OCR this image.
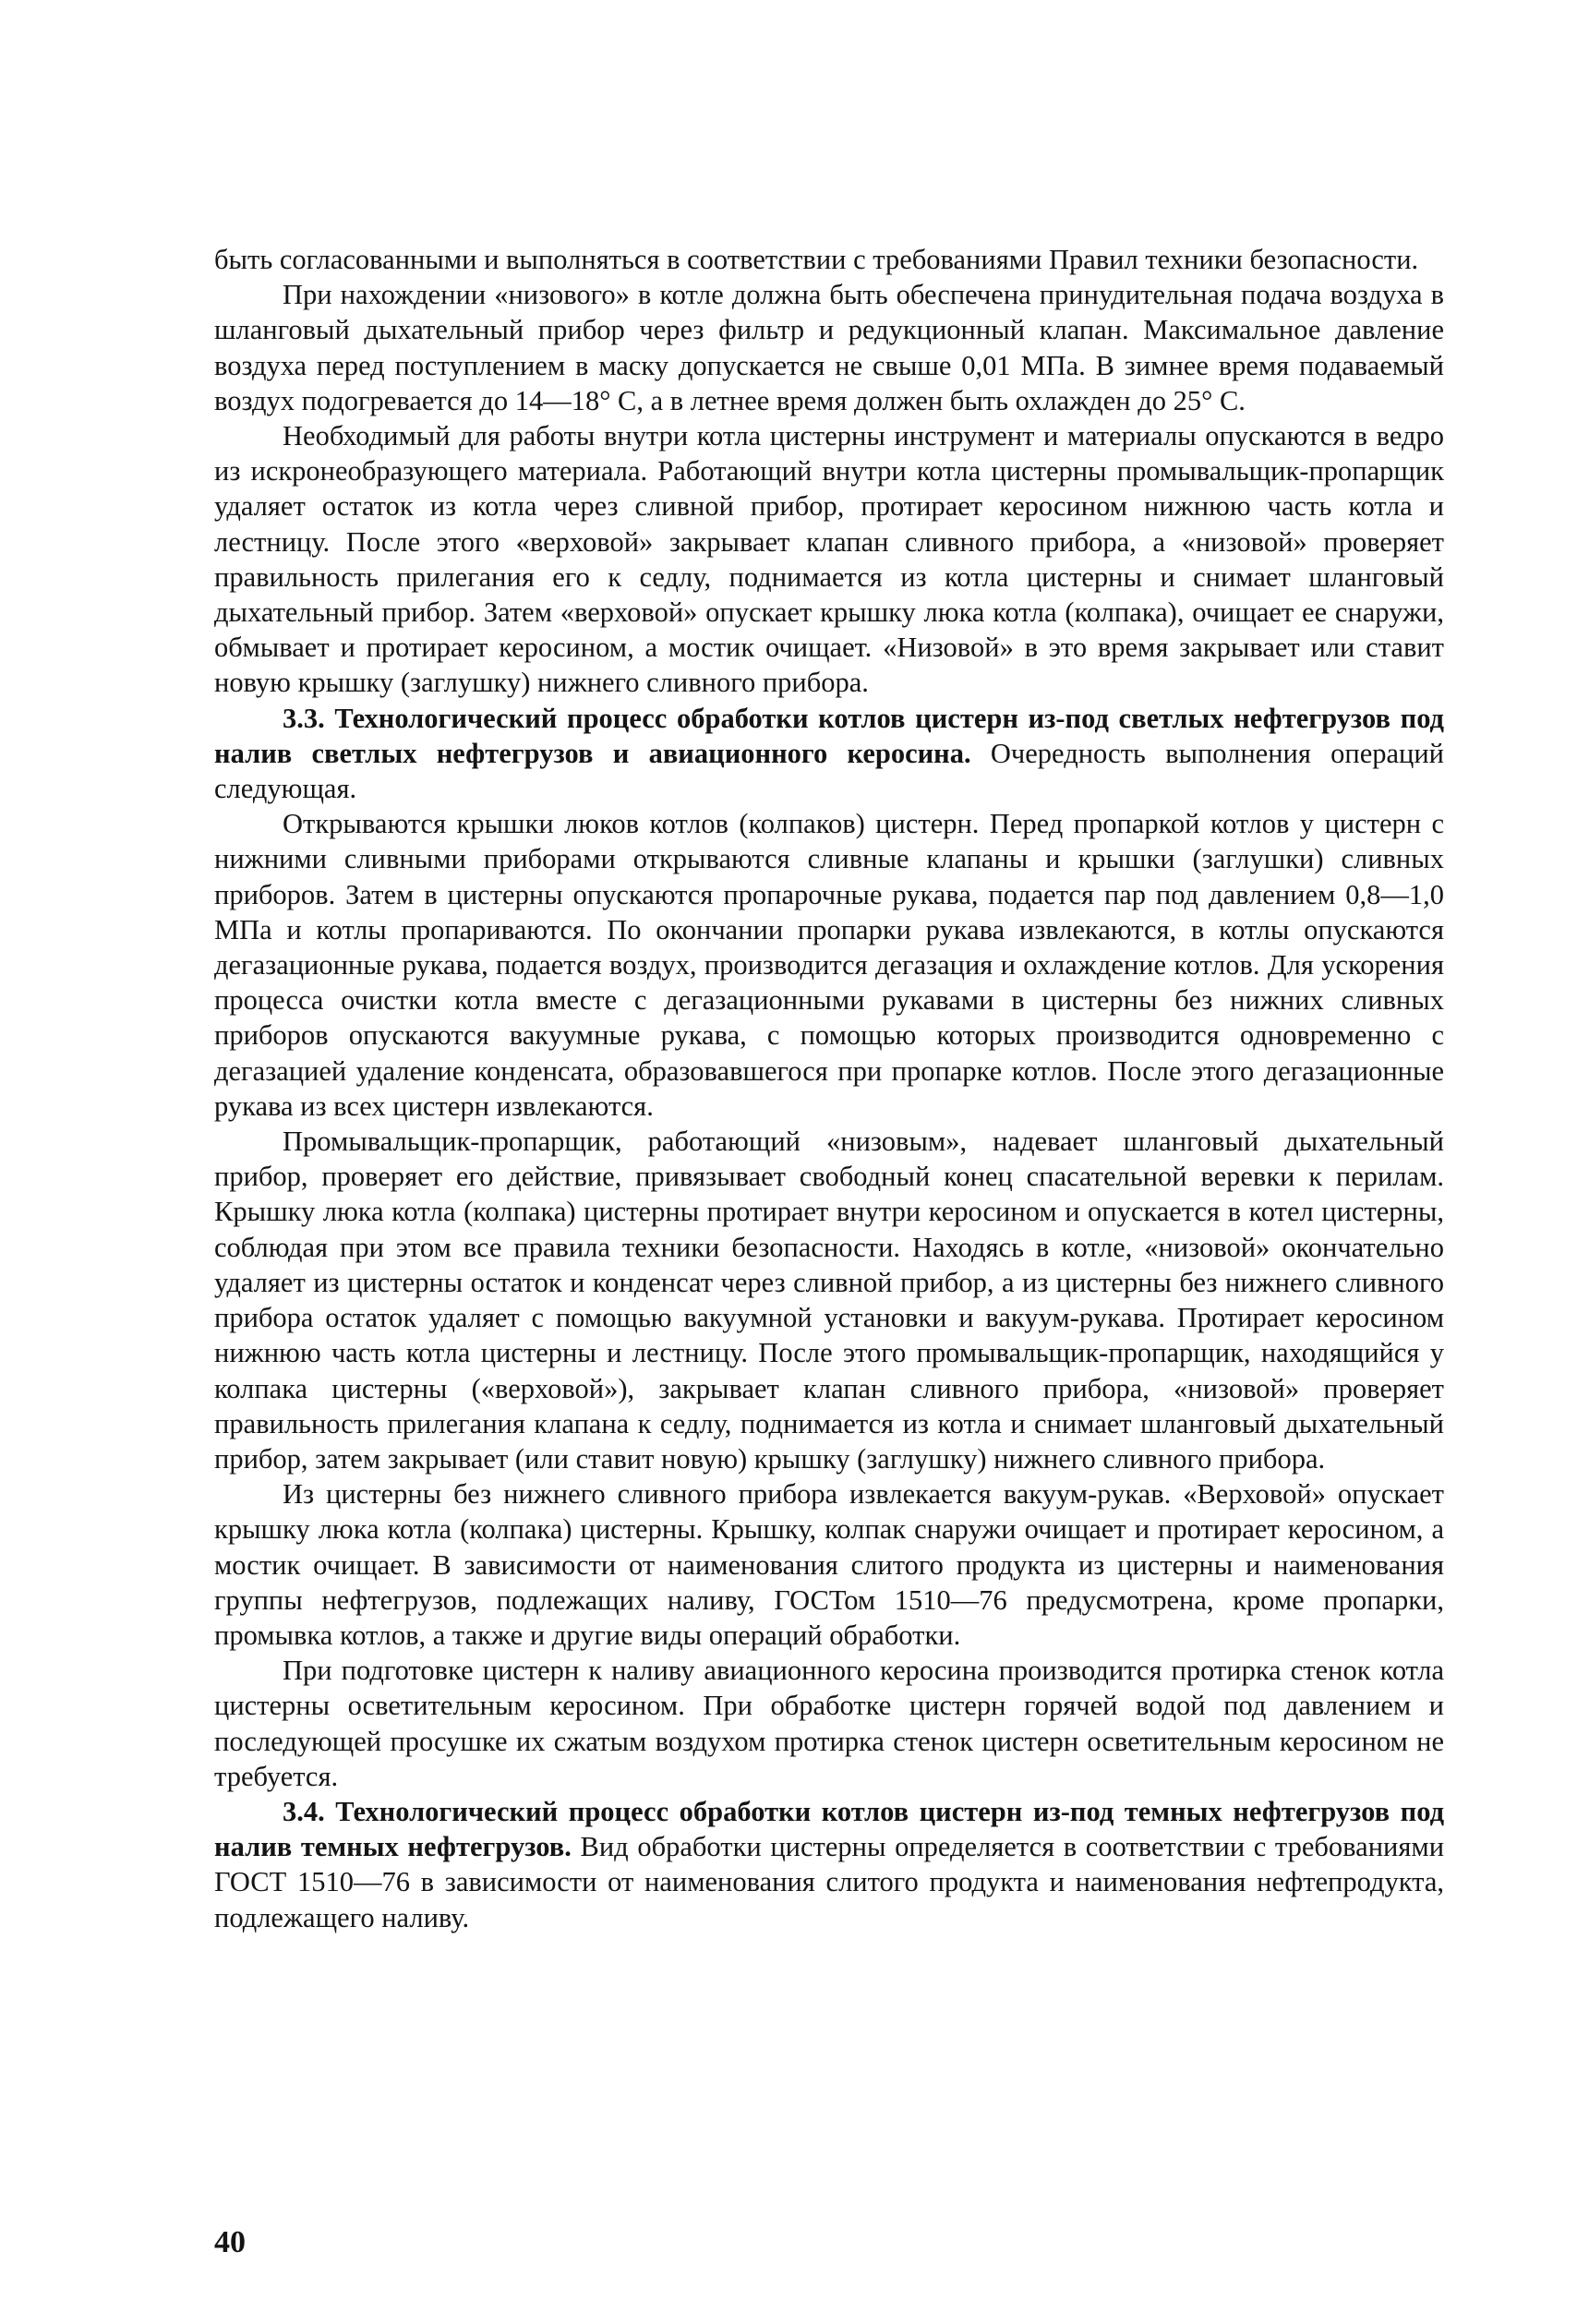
быть согласованными и выполняться в соответствии с требованиями Правил техники безопасности.

При нахождении «низового» в котле должна быть обеспечена принудительная подача воздуха в шланговый дыхательный прибор через фильтр и редукционный клапан. Максимальное давление воздуха перед поступлением в маску допускается не свыше 0,01 МПа. В зимнее время подаваемый воздух подогревается до 14—18° С, а в летнее время должен быть охлажден до 25° С.

Необходимый для работы внутри котла цистерны инструмент и материалы опускаются в ведро из искронеобразующего материала. Работающий внутри котла цистерны промывальщик-пропарщик удаляет остаток из котла через сливной прибор, протирает керосином нижнюю часть котла и лестницу. После этого «верховой» закрывает клапан сливного прибора, а «низовой» проверяет правильность прилегания его к седлу, поднимается из котла цистерны и снимает шланговый дыхательный прибор. Затем «верховой» опускает крышку люка котла (колпака), очищает ее снаружи, обмывает и протирает керосином, а мостик очищает. «Низовой» в это время закрывает или ставит новую крышку (заглушку) нижнего сливного прибора.

3.3. Технологический процесс обработки котлов цистерн из-под светлых нефтегрузов под налив светлых нефтегрузов и авиационного керосина. Очередность выполнения операций следующая.

Открываются крышки люков котлов (колпаков) цистерн. Перед пропаркой котлов у цистерн с нижними сливными приборами открываются сливные клапаны и крышки (заглушки) сливных приборов. Затем в цистерны опускаются пропарочные рукава, подается пар под давлением 0,8—1,0 МПа и котлы пропариваются. По окончании пропарки рукава извлекаются, в котлы опускаются дегазационные рукава, подается воздух, производится дегазация и охлаждение котлов. Для ускорения процесса очистки котла вместе с дегазационными рукавами в цистерны без нижних сливных приборов опускаются вакуумные рукава, с помощью которых производится одновременно с дегазацией удаление конденсата, образовавшегося при пропарке котлов. После этого дегазационные рукава из всех цистерн извлекаются.

Промывальщик-пропарщик, работающий «низовым», надевает шланговый дыхательный прибор, проверяет его действие, привязывает свободный конец спасательной веревки к перилам. Крышку люка котла (колпака) цистерны протирает внутри керосином и опускается в котел цистерны, соблюдая при этом все правила техники безопасности. Находясь в котле, «низовой» окончательно удаляет из цистерны остаток и конденсат через сливной прибор, а из цистерны без нижнего сливного прибора остаток удаляет с помощью вакуумной установки и вакуум-рукава. Протирает керосином нижнюю часть котла цистерны и лестницу. После этого промывальщик-пропарщик, находящийся у колпака цистерны («верховой»), закрывает клапан сливного прибора, «низовой» проверяет правильность прилегания клапана к седлу, поднимается из котла и снимает шланговый дыхательный прибор, затем закрывает (или ставит новую) крышку (заглушку) нижнего сливного прибора.

Из цистерны без нижнего сливного прибора извлекается вакуум-рукав. «Верховой» опускает крышку люка котла (колпака) цистерны. Крышку, колпак снаружи очищает и протирает керосином, а мостик очищает. В зависимости от наименования слитого продукта из цистерны и наименования группы нефтегрузов, подлежащих наливу, ГОСТом 1510—76 предусмотрена, кроме пропарки, промывка котлов, а также и другие виды операций обработки.

При подготовке цистерн к наливу авиационного керосина производится протирка стенок котла цистерны осветительным керосином. При обработке цистерн горячей водой под давлением и последующей просушке их сжатым воздухом протирка стенок цистерн осветительным керосином не требуется.

3.4. Технологический процесс обработки котлов цистерн из-под темных нефтегрузов под налив темных нефтегрузов. Вид обработки цистерны определяется в соответствии с требованиями ГОСТ 1510—76 в зависимости от наименования слитого продукта и наименования нефтепродукта, подлежащего наливу.

40
